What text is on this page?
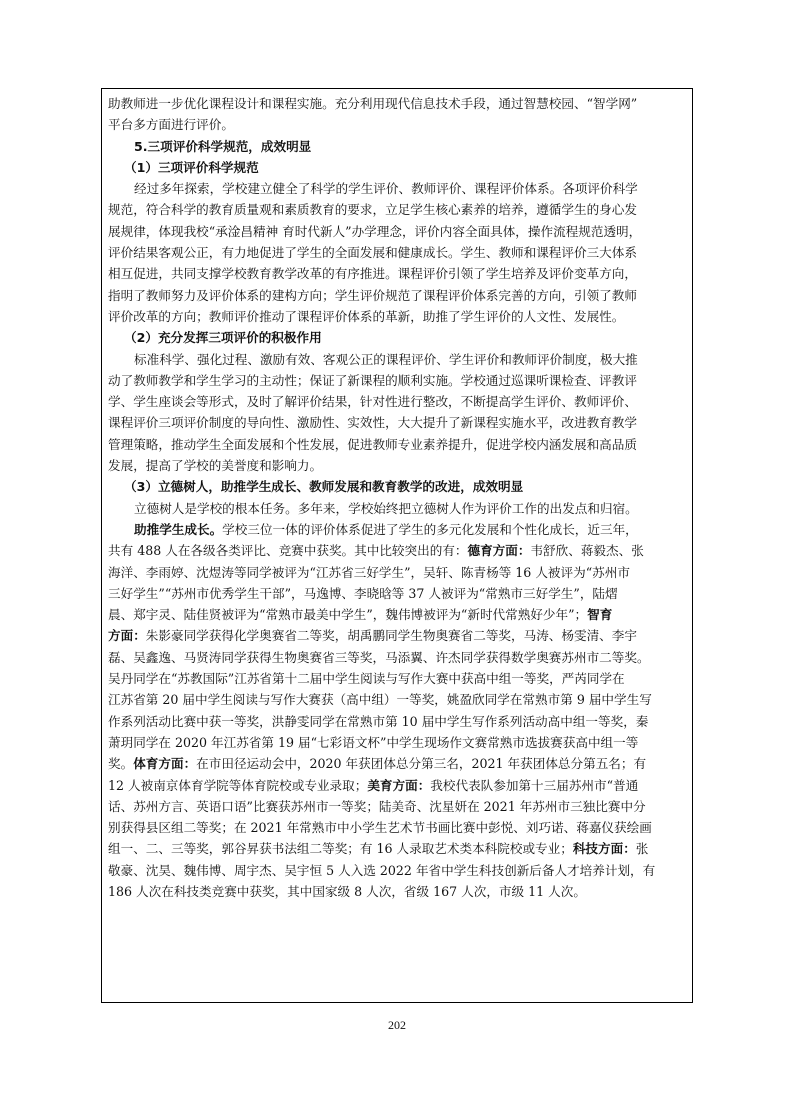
助教师进一步优化课程设计和课程实施。充分利用现代信息技术手段，通过智慧校园、“智学网”
平台多方面进行评价。
5.三项评价科学规范，成效明显
（1）三项评价科学规范
经过多年探索，学校建立健全了科学的学生评价、教师评价、课程评价体系。各项评价科学
规范，符合科学的教育质量观和素质教育的要求，立足学生核心素养的培养，遵循学生的身心发
展规律，体现我校“承淦昌精神 育时代新人”办学理念，评价内容全面具体，操作流程规范透明，
评价结果客观公正，有力地促进了学生的全面发展和健康成长。学生、教师和课程评价三大体系
相互促进，共同支撑学校教育教学改革的有序推进。课程评价引领了学生培养及评价变革方向，
指明了教师努力及评价体系的建构方向；学生评价规范了课程评价体系完善的方向，引领了教师
评价改革的方向；教师评价推动了课程评价体系的革新，助推了学生评价的人文性、发展性。
（2）充分发挥三项评价的积极作用
标准科学、强化过程、激励有效、客观公正的课程评价、学生评价和教师评价制度，极大推
动了教师教学和学生学习的主动性；保证了新课程的顺利实施。学校通过巡课听课检查、评教评
学、学生座谈会等形式，及时了解评价结果，针对性进行整改，不断提高学生评价、教师评价、
课程评价三项评价制度的导向性、激励性、实效性，大大提升了新课程实施水平，改进教育教学
管理策略，推动学生全面发展和个性发展，促进教师专业素养提升，促进学校内涵发展和高品质
发展，提高了学校的美誉度和影响力。
（3）立德树人，助推学生成长、教师发展和教育教学的改进，成效明显
立德树人是学校的根本任务。多年来，学校始终把立德树人作为评价工作的出发点和归宿。
助推学生成长。学校三位一体的评价体系促进了学生的多元化发展和个性化成长，近三年，
共有 488 人在各级各类评比、竞赛中获奖。其中比较突出的有：德育方面：韦舒欣、蒋毅杰、张
海洋、李雨婷、沈煜涛等同学被评为“江苏省三好学生”，吴轩、陈青杨等 16 人被评为“苏州市
三好学生”“苏州市优秀学生干部”，马逸博、李晓晗等 37 人被评为“常熟市三好学生”，陆熠
晨、郑宇灵、陆佳贤被评为“常熟市最美中学生”，魏伟博被评为“新时代常熟好少年”；智育
方面：朱影豪同学获得化学奥赛省二等奖，胡禹鹏同学生物奥赛省二等奖，马涛、杨雯清、李宇
磊、吴鑫逸、马贤涛同学获得生物奥赛省三等奖，马添翼、许杰同学获得数学奥赛苏州市二等奖。
吴丹同学在“苏教国际”江苏省第十二届中学生阅读与写作大赛中获高中组一等奖，严芮同学在
江苏省第 20 届中学生阅读与写作大赛获（高中组）一等奖，姚盈欣同学在常熟市第 9 届中学生写
作系列活动比赛中获一等奖，洪静雯同学在常熟市第 10 届中学生写作系列活动高中组一等奖，秦
萧玥同学在 2020 年江苏省第 19 届“七彩语文杯”中学生现场作文赛常熟市选拔赛获高中组一等
奖。体育方面：在市田径运动会中，2020 年获团体总分第三名，2021 年获团体总分第五名；有
12 人被南京体育学院等体育院校或专业录取；美育方面：我校代表队参加第十三届苏州市“普通
话、苏州方言、英语口语”比赛获苏州市一等奖；陆美奇、沈星妍在 2021 年苏州市三独比赛中分
别获得县区组二等奖；在 2021 年常熟市中小学生艺术节书画比赛中彭悦、刘巧诺、蒋嘉仪获绘画
组一、二、三等奖，郭谷昇获书法组二等奖；有 16 人录取艺术类本科院校或专业；科技方面：张
敬豪、沈昊、魏伟博、周宇杰、吴宇恒 5 人入选 2022 年省中学生科技创新后备人才培养计划，有
186 人次在科技类竞赛中获奖，其中国家级 8 人次，省级 167 人次，市级 11 人次。
202
